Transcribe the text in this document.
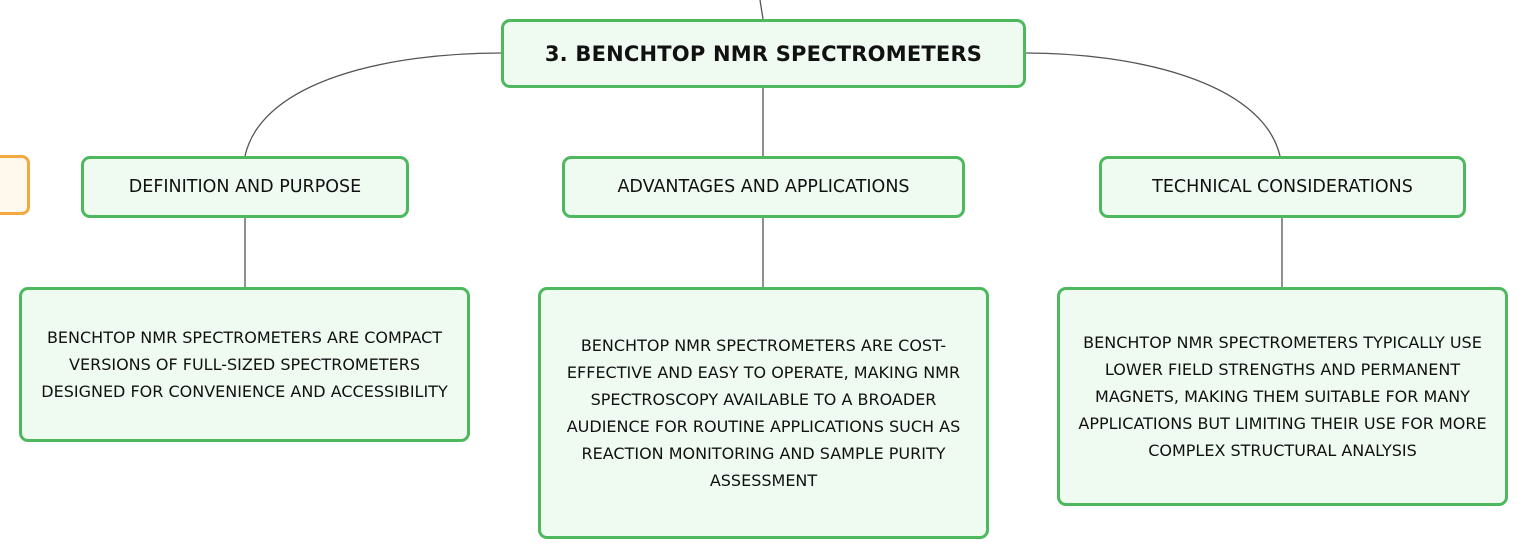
3. BENCHTOP NMR SPECTROMETERS
DEFINITION AND PURPOSE	ADVANTAGES AND APPLICATIONS	TECHNICAL CONSIDERATIONS
BENCHTOP NMR SPECTROMETERS ARE COMPACT VERSIONS OF FULL-SIZED SPECTROMETERS DESIGNED FOR CONVENIENCE AND ACCESSIBILITY
BENCHTOP NMR SPECTROMETERS ARE COST-EFFECTIVE AND EASY TO OPERATE, MAKING NMR SPECTROSCOPY AVAILABLE TO A BROADER AUDIENCE FOR ROUTINE APPLICATIONS SUCH AS REACTION MONITORING AND SAMPLE PURITY ASSESSMENT
BENCHTOP NMR SPECTROMETERS TYPICALLY USE LOWER FIELD STRENGTHS AND PERMANENT MAGNETS, MAKING THEM SUITABLE FOR MANY APPLICATIONS BUT LIMITING THEIR USE FOR MORE COMPLEX STRUCTURAL ANALYSIS
